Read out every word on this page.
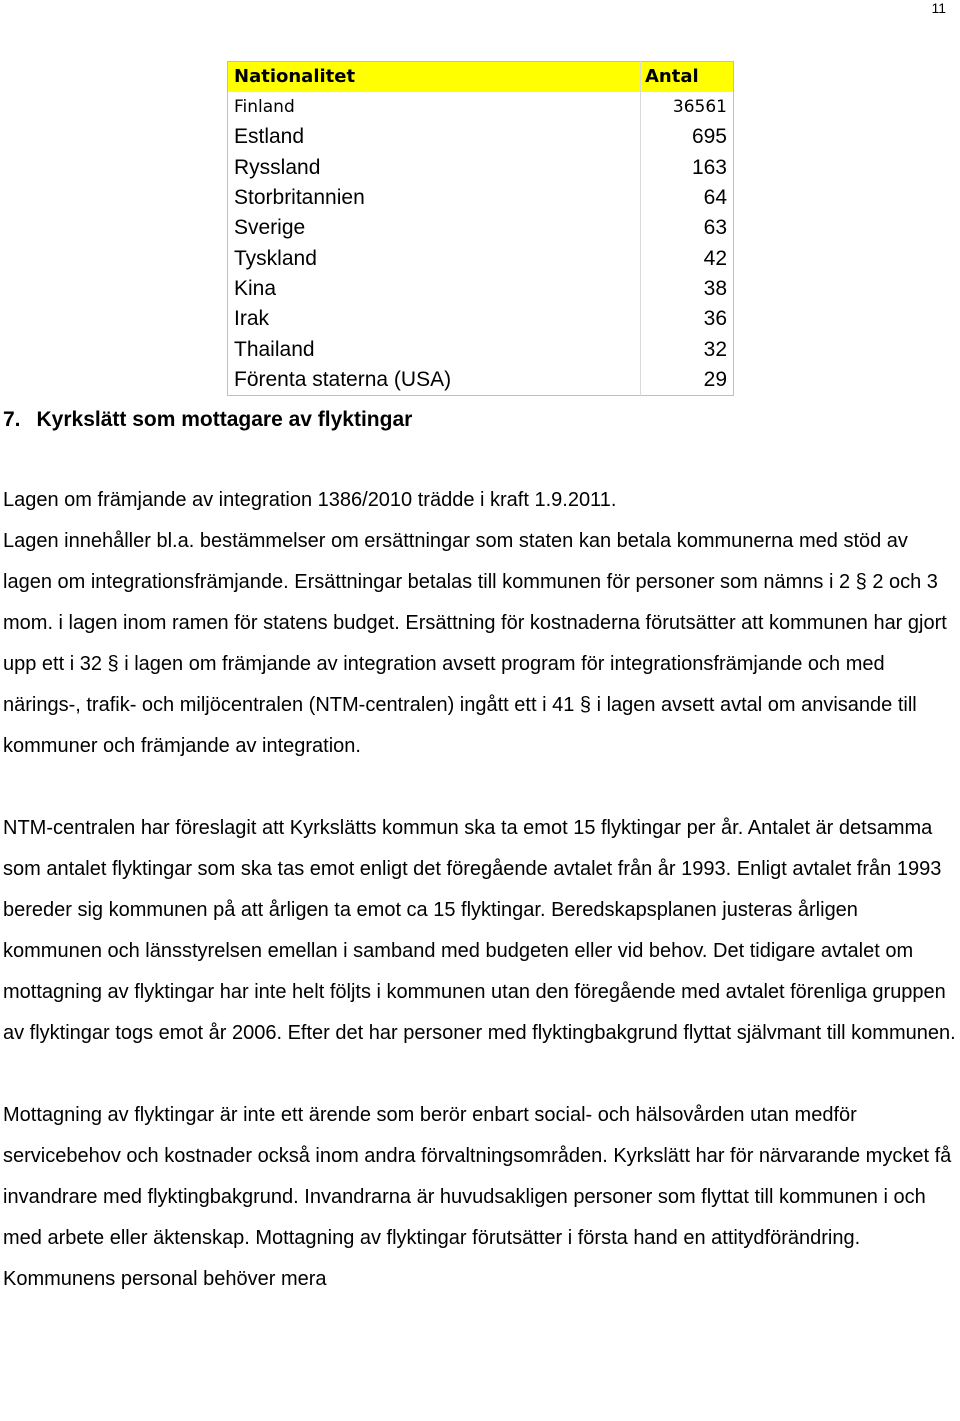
11
Nationalitet	Antal
Finland	36561
Estland	695
Ryssland	163
Storbritannien	64
Sverige	63
Tyskland	42
Kina	38
Irak	36
Thailand	32
Förenta staterna (USA)	29
7. Kyrkslätt som mottagare av flyktingar

Lagen om främjande av integration 1386/2010 trädde i kraft 1.9.2011.

Lagen innehåller bl.a. bestämmelser om ersättningar som staten kan betala kommunerna med stöd av lagen om integrationsfrämjande. Ersättningar betalas till kommunen för personer som nämns i 2 § 2 och 3 mom. i lagen inom ramen för statens budget. Ersättning för kostnaderna förutsätter att kommunen har gjort upp ett i 32 § i lagen om främjande av integration avsett program för integrationsfrämjande och med närings-, trafik- och miljöcentralen (NTM-centralen) ingått ett i 41 § i lagen avsett avtal om anvisande till kommuner och främjande av integration.

NTM-centralen har föreslagit att Kyrkslätts kommun ska ta emot 15 flyktingar per år. Antalet är detsamma som antalet flyktingar som ska tas emot enligt det föregående avtalet från år 1993. Enligt avtalet från 1993 bereder sig kommunen på att årligen ta emot ca 15 flyktingar. Beredskapsplanen justeras årligen kommunen och länsstyrelsen emellan i samband med budgeten eller vid behov. Det tidigare avtalet om mottagning av flyktingar har inte helt följts i kommunen utan den föregående med avtalet förenliga gruppen av flyktingar togs emot år 2006. Efter det har personer med flyktingbakgrund flyttat självmant till kommunen.

Mottagning av flyktingar är inte ett ärende som berör enbart social- och hälsovården utan medför servicebehov och kostnader också inom andra förvaltningsområden. Kyrkslätt har för närvarande mycket få invandrare med flyktingbakgrund. Invandrarna är huvudsakligen personer som flyttat till kommunen i och med arbete eller äktenskap. Mottagning av flyktingar förutsätter i första hand en attitydförändring. Kommunens personal behöver mera
